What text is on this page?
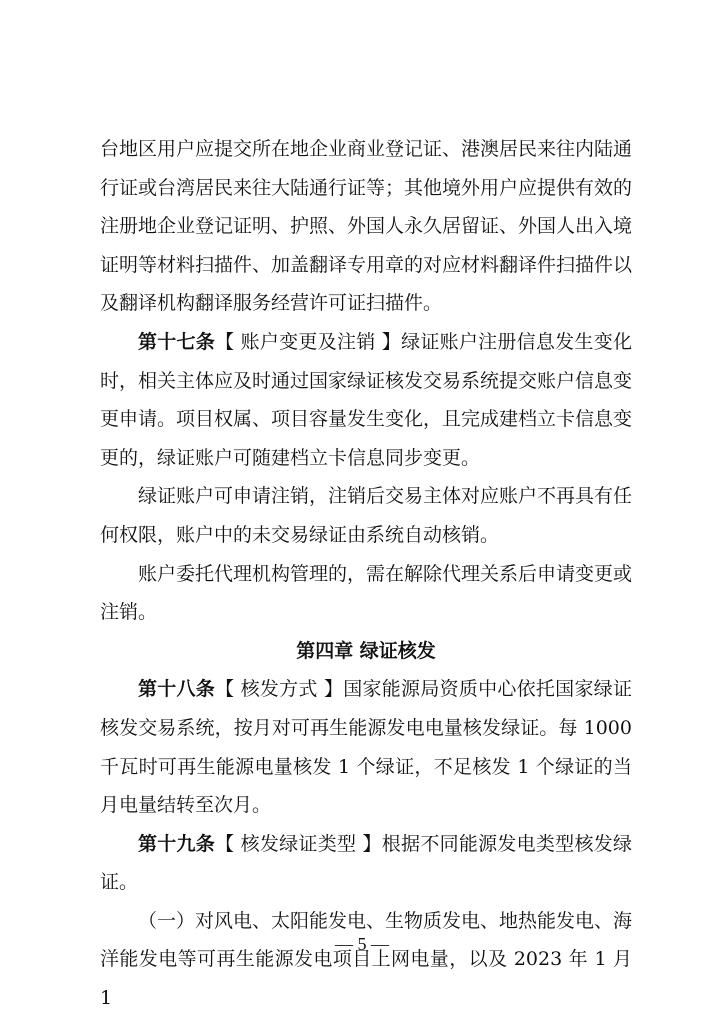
台地区用户应提交所在地企业商业登记证、港澳居民来往内陆通行证或台湾居民来往大陆通行证等；其他境外用户应提供有效的注册地企业登记证明、护照、外国人永久居留证、外国人出入境证明等材料扫描件、加盖翻译专用章的对应材料翻译件扫描件以及翻译机构翻译服务经营许可证扫描件。

第十七条【 账户变更及注销 】绿证账户注册信息发生变化时，相关主体应及时通过国家绿证核发交易系统提交账户信息变更申请。项目权属、项目容量发生变化，且完成建档立卡信息变更的，绿证账户可随建档立卡信息同步变更。

绿证账户可申请注销，注销后交易主体对应账户不再具有任何权限，账户中的未交易绿证由系统自动核销。

账户委托代理机构管理的，需在解除代理关系后申请变更或注销。

第四章 绿证核发

第十八条【 核发方式 】国家能源局资质中心依托国家绿证核发交易系统，按月对可再生能源发电电量核发绿证。每 1000 千瓦时可再生能源电量核发 1 个绿证，不足核发 1 个绿证的当月电量结转至次月。

第十九条【 核发绿证类型 】根据不同能源发电类型核发绿证。

（一）对风电、太阳能发电、生物质发电、地热能发电、海洋能发电等可再生能源发电项目上网电量，以及 2023 年 1 月 1

— 5 —
